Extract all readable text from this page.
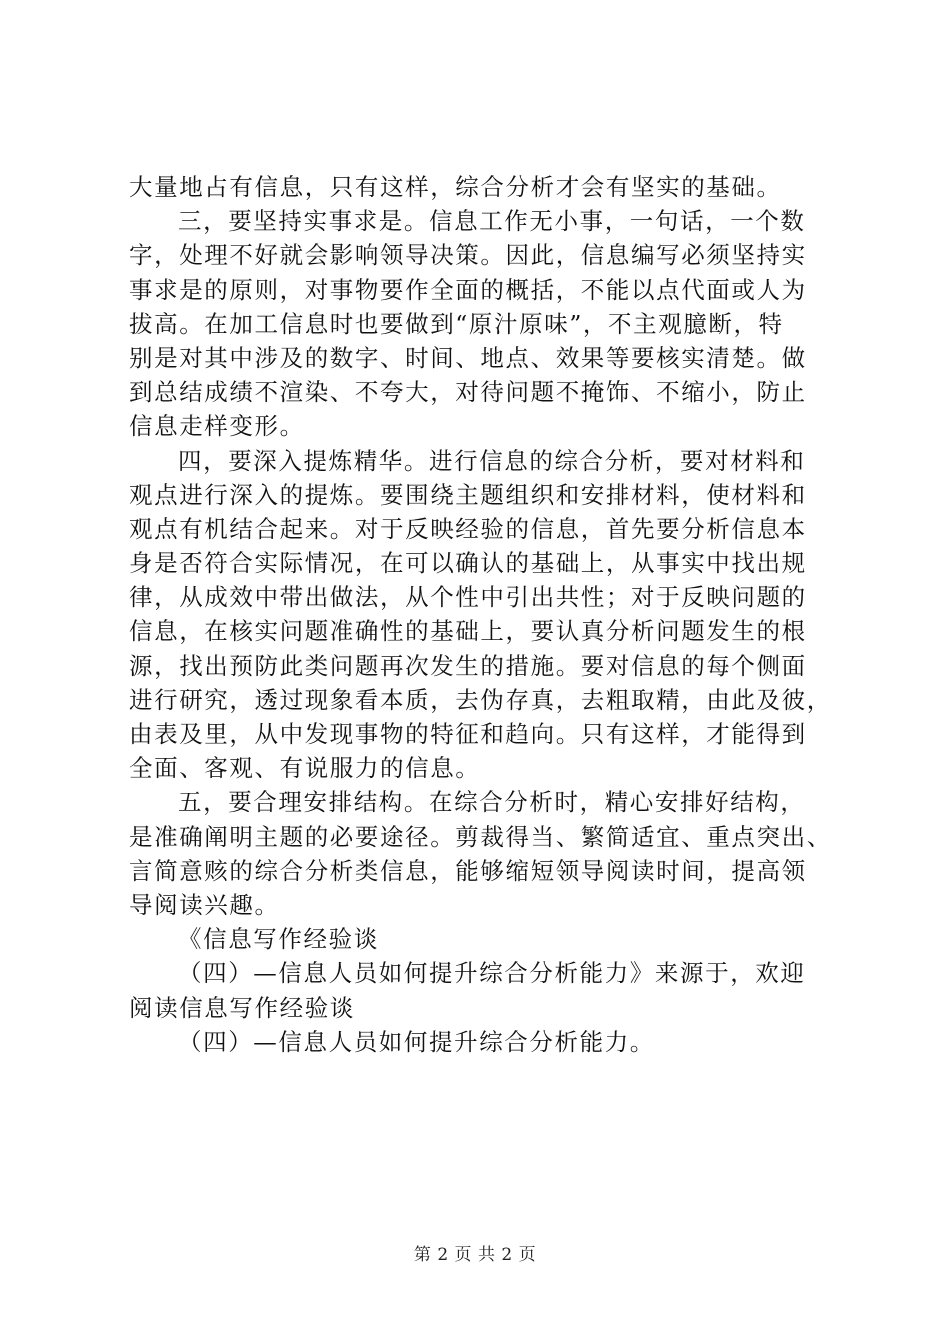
大量地占有信息，只有这样，综合分析才会有坚实的基础。
三，要坚持实事求是。信息工作无小事，一句话，一个数
字，处理不好就会影响领导决策。因此，信息编写必须坚持实
事求是的原则，对事物要作全面的概括，不能以点代面或人为
拔高。在加工信息时也要做到“原汁原味”，不主观臆断，特
别是对其中涉及的数字、时间、地点、效果等要核实清楚。做
到总结成绩不渲染、不夸大，对待问题不掩饰、不缩小，防止
信息走样变形。
四，要深入提炼精华。进行信息的综合分析，要对材料和
观点进行深入的提炼。要围绕主题组织和安排材料，使材料和
观点有机结合起来。对于反映经验的信息，首先要分析信息本
身是否符合实际情况，在可以确认的基础上，从事实中找出规
律，从成效中带出做法，从个性中引出共性；对于反映问题的
信息，在核实问题准确性的基础上，要认真分析问题发生的根
源，找出预防此类问题再次发生的措施。要对信息的每个侧面
进行研究，透过现象看本质，去伪存真，去粗取精，由此及彼，
由表及里，从中发现事物的特征和趋向。只有这样，才能得到
全面、客观、有说服力的信息。
五，要合理安排结构。在综合分析时，精心安排好结构，
是准确阐明主题的必要途径。剪裁得当、繁简适宜、重点突出、
言简意赅的综合分析类信息，能够缩短领导阅读时间，提高领
导阅读兴趣。
《信息写作经验谈
（四）—信息人员如何提升综合分析能力》来源于，欢迎
阅读信息写作经验谈
（四）—信息人员如何提升综合分析能力。
第 2 页 共 2 页
